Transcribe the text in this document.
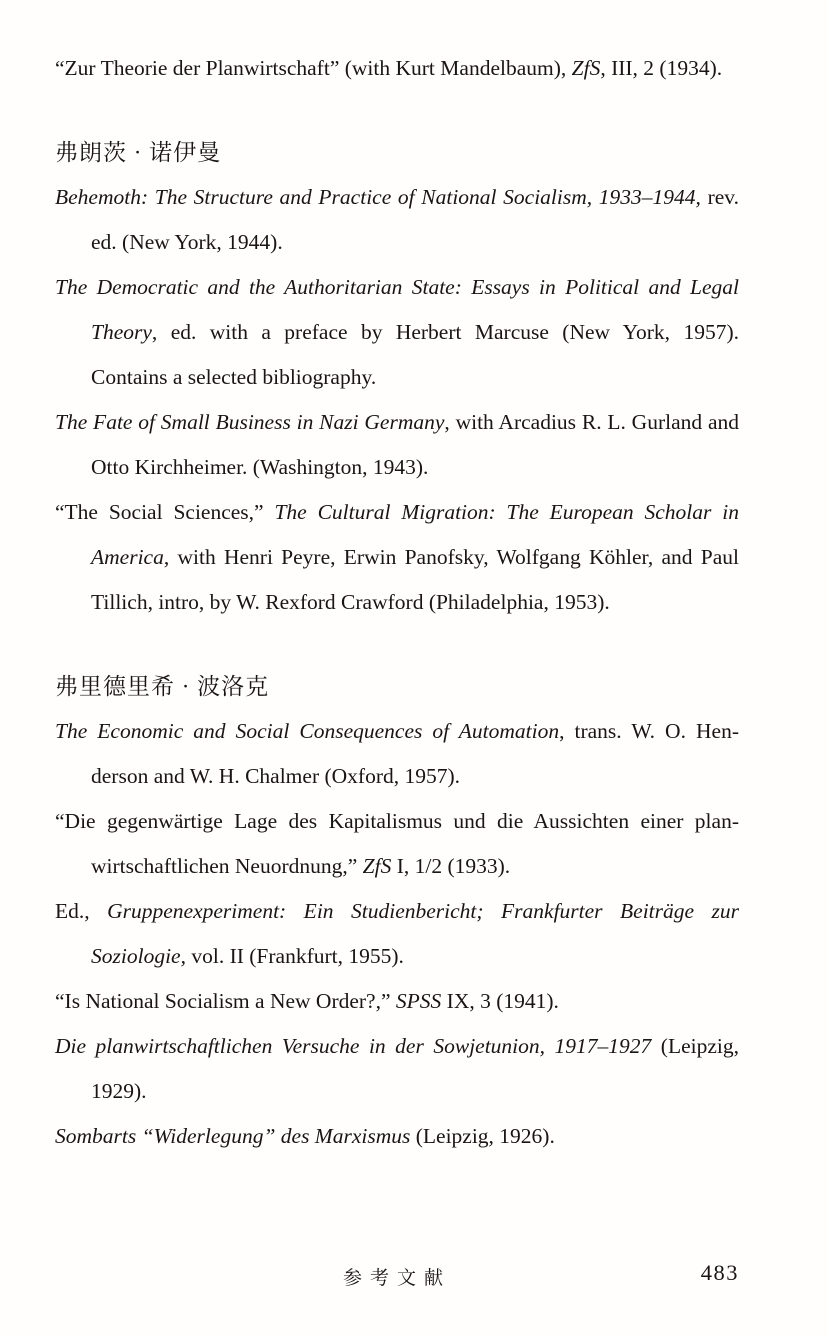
“Zur Theorie der Planwirtschaft” (with Kurt Mandelbaum), ZfS, III, 2 (1934).

弗朗茨 · 诺伊曼

Behemoth: The Structure and Practice of National Socialism, 1933–1944, rev. ed. (New York, 1944).

The Democratic and the Authoritarian State: Essays in Political and Legal Theory, ed. with a preface by Herbert Marcuse (New York, 1957). Contains a selected bibliography.

The Fate of Small Business in Nazi Germany, with Arcadius R. L. Gurland and Otto Kirchheimer. (Washington, 1943).

“The Social Sciences,” The Cultural Migration: The European Scholar in America, with Henri Peyre, Erwin Panofsky, Wolfgang Köhler, and Paul Tillich, intro, by W. Rexford Crawford (Philadelphia, 1953).

弗里德里希 · 波洛克

The Economic and Social Consequences of Automation, trans. W. O. Henderson and W. H. Chalmer (Oxford, 1957).

“Die gegenwärtige Lage des Kapitalismus und die Aussichten einer planwirtschaftlichen Neuordnung,” ZfS I, 1/2 (1933).

Ed., Gruppenexperiment: Ein Studienbericht; Frankfurter Beiträge zur Soziologie, vol. II (Frankfurt, 1955).

“Is National Socialism a New Order?,” SPSS IX, 3 (1941).

Die planwirtschaftlichen Versuche in der Sowjetunion, 1917–1927 (Leipzig, 1929).

Sombarts “Widerlegung” des Marxismus (Leipzig, 1926).

参考文献	483
